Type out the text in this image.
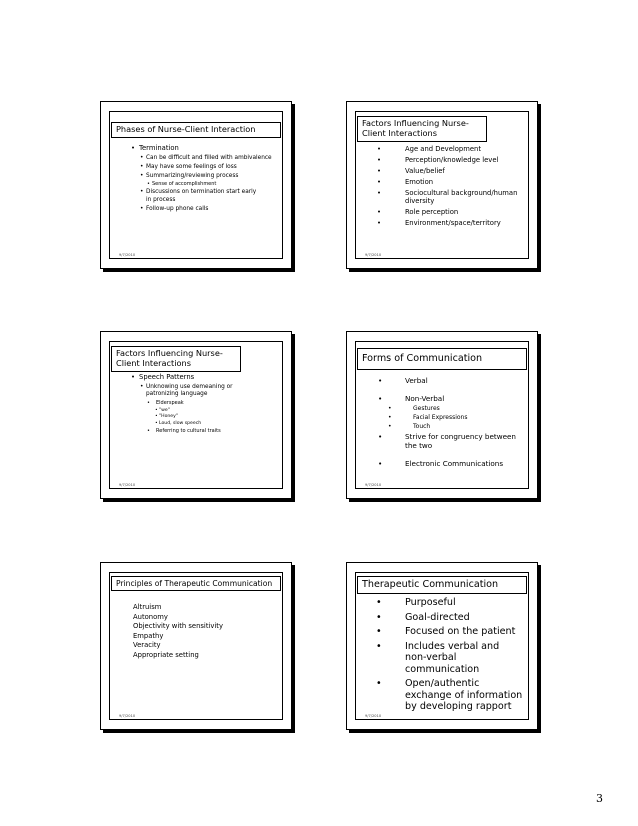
Phases of Nurse-Client Interaction
• Termination
• Can be difficult and filled with ambivalence
• May have some feelings of loss
• Summarizing/reviewing process
• Sense of accomplishment
• Discussions on termination start early in process
• Follow-up phone calls
9/7/2010
Factors Influencing Nurse-Client Interactions
• Age and Development
• Perception/knowledge level
• Value/belief
• Emotion
• Sociocultural background/human diversity
• Role perception
• Environment/space/territory
9/7/2010
Factors Influencing Nurse-Client Interactions
• Speech Patterns
• Unknowing use demeaning or patronizing language
• Elderspeak
• "we"
• "Honey"
• Loud, slow speech
• Referring to cultural traits
9/7/2010
Forms of Communication
• Verbal
• Non-Verbal
• Gestures
• Facial Expressions
• Touch
• Strive for congruency between the two
• Electronic Communications
9/7/2010
Principles of Therapeutic Communication
Altruism
Autonomy
Objectivity with sensitivity
Empathy
Veracity
Appropriate setting
9/7/2010
Therapeutic Communication
• Purposeful
• Goal-directed
• Focused on the patient
• Includes verbal and non-verbal communication
• Open/authentic exchange of information by developing rapport
9/7/2010
3
